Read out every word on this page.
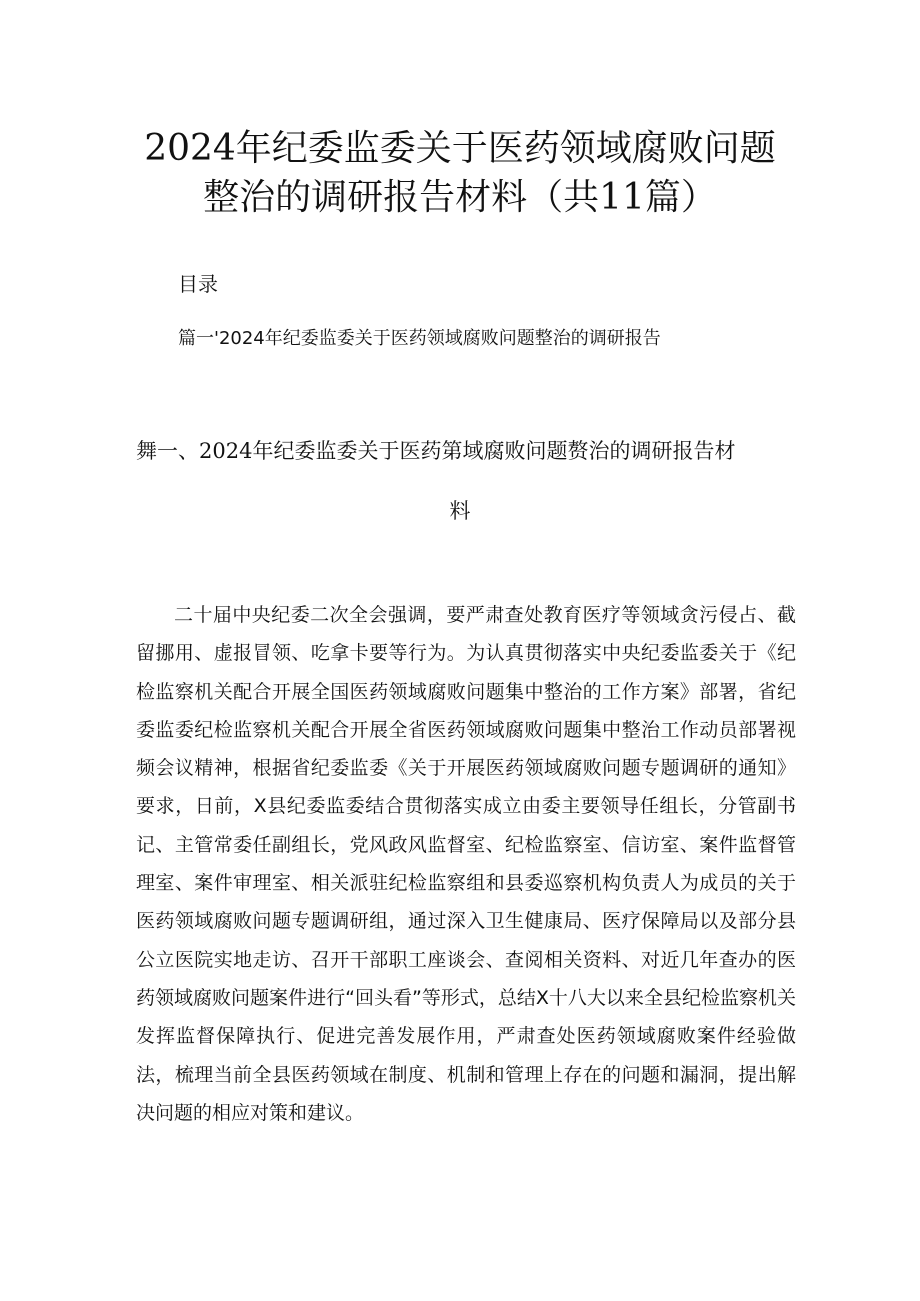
2024年纪委监委关于医药领域腐败问题整治的调研报告材料（共11篇）
目录
篇一'2024年纪委监委关于医药领域腐败问题整治的调研报告
舞一、2024年纪委监委关于医药第域腐败问题赘治的调研报告材
料

二十届中央纪委二次全会强调，要严肃查处教育医疗等领域贪污侵占、截留挪用、虚报冒领、吃拿卡要等行为。为认真贯彻落实中央纪委监委关于《纪检监察机关配合开展全国医药领域腐败问题集中整治的工作方案》部署，省纪委监委纪检监察机关配合开展全省医药领域腐败问题集中整治工作动员部署视频会议精神，根据省纪委监委《关于开展医药领域腐败问题专题调研的通知》要求，日前，X县纪委监委结合贯彻落实成立由委主要领导任组长，分管副书记、主管常委任副组长，党风政风监督室、纪检监察室、信访室、案件监督管理室、案件审理室、相关派驻纪检监察组和县委巡察机构负责人为成员的关于医药领域腐败问题专题调研组，通过深入卫生健康局、医疗保障局以及部分县公立医院实地走访、召开干部职工座谈会、查阅相关资料、对近几年查办的医药领域腐败问题案件进行“回头看”等形式，总结X十八大以来全县纪检监察机关发挥监督保障执行、促进完善发展作用，严肃查处医药领域腐败案件经验做法，梳理当前全县医药领域在制度、机制和管理上存在的问题和漏洞，提出解决问题的相应对策和建议。
